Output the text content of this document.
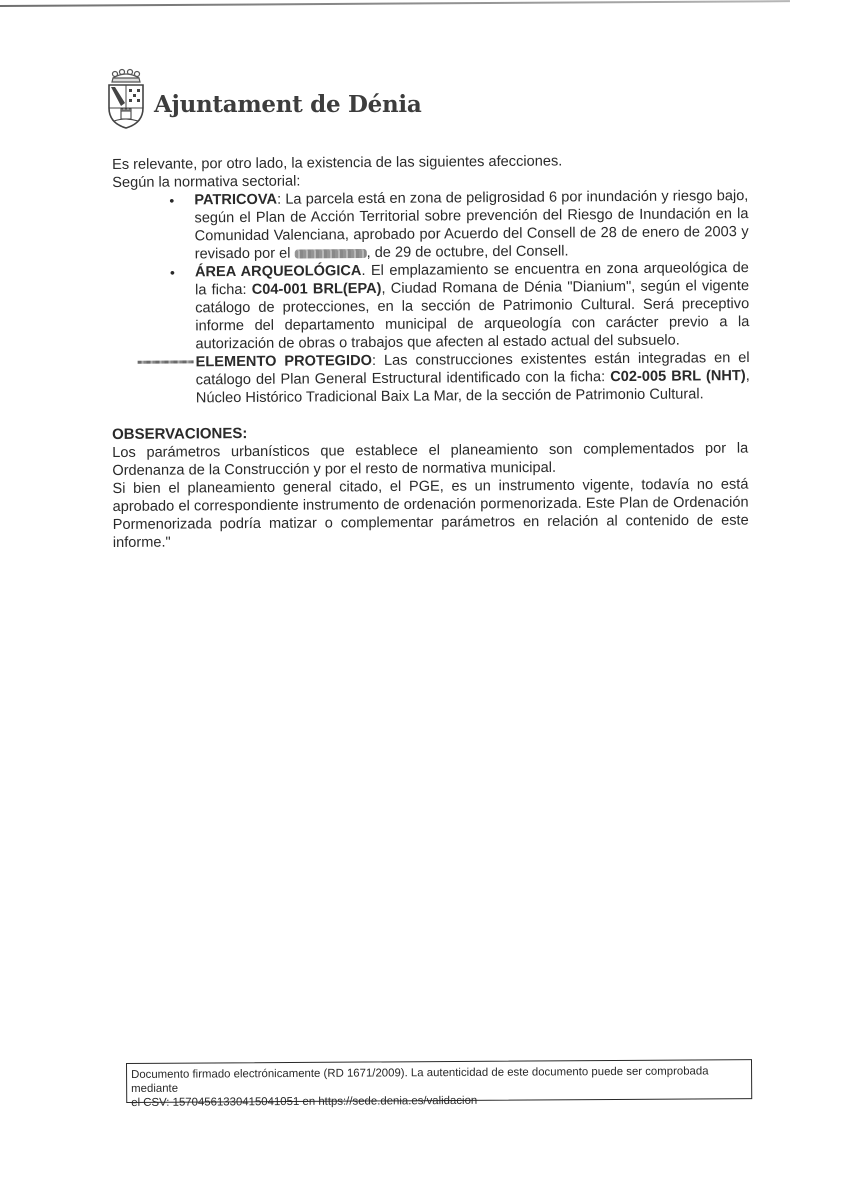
Ajuntament de Dénia

Es relevante, por otro lado, la existencia de las siguientes afecciones.

Según la normativa sectorial:

• PATRICOVA: La parcela está en zona de peligrosidad 6 por inundación y riesgo bajo, según el Plan de Acción Territorial sobre prevención del Riesgo de Inundación en la Comunidad Valenciana, aprobado por Acuerdo del Consell de 28 de enero de 2003 y revisado por el	, de 29 de octubre, del Consell.
• ÁREA ARQUEOLÓGICA. El emplazamiento se encuentra en zona arqueológica de la ficha: C04-001 BRL(EPA), Ciudad Romana de Dénia "Dianium", según el vigente catálogo de protecciones, en la sección de Patrimonio Cultural. Será preceptivo informe del departamento municipal de arqueología con carácter previo a la autorización de obras o trabajos que afecten al estado actual del subsuelo.
ELEMENTO PROTEGIDO: Las construcciones existentes están integradas en el catálogo del Plan General Estructural identificado con la ficha: C02-005 BRL (NHT), Núcleo Histórico Tradicional Baix La Mar, de la sección de Patrimonio Cultural.

OBSERVACIONES:

Los parámetros urbanísticos que establece el planeamiento son complementados por la Ordenanza de la Construcción y por el resto de normativa municipal.

Si bien el planeamiento general citado, el PGE, es un instrumento vigente, todavía no está aprobado el correspondiente instrumento de ordenación pormenorizada. Este Plan de Ordenación Pormenorizada podría matizar o complementar parámetros en relación al contenido de este informe."

Documento firmado electrónicamente (RD 1671/2009). La autenticidad de este documento puede ser comprobada mediante
el CSV: 15704561330415041051 en https://sede.denia.es/validacion
